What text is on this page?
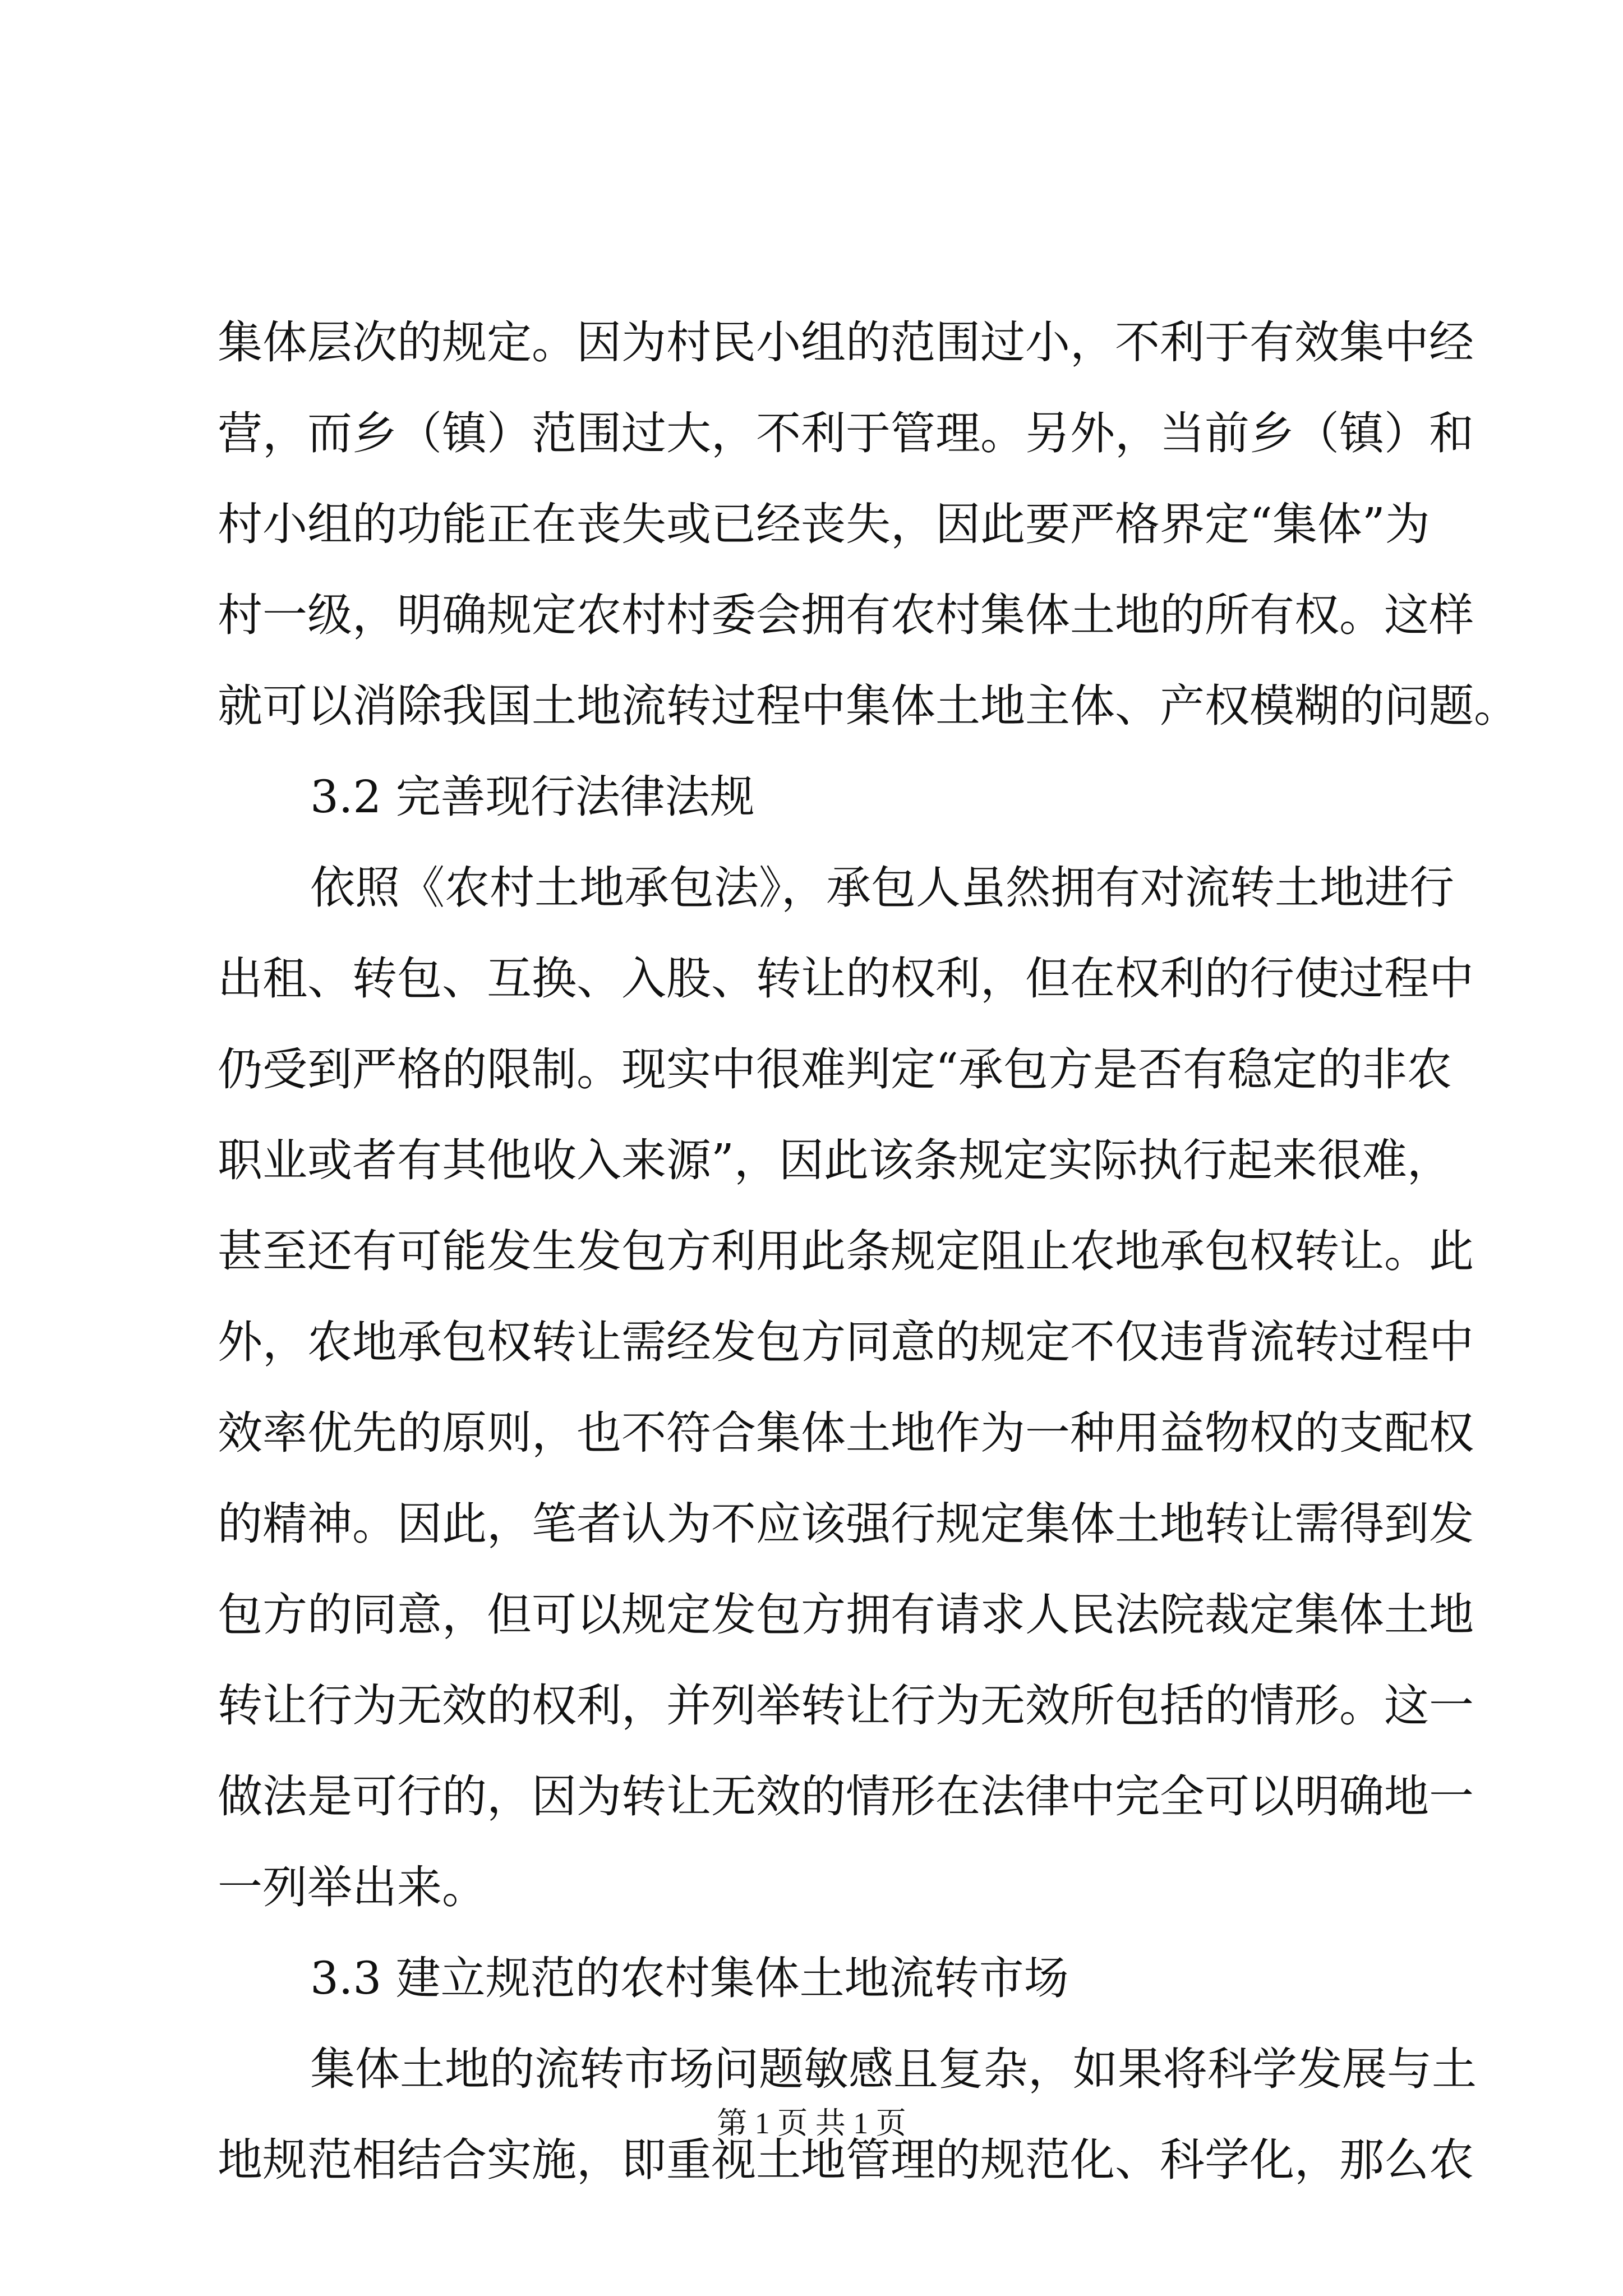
集体层次的规定。因为村民小组的范围过小，不利于有效集中经
营，而乡（镇）范围过大，不利于管理。另外，当前乡（镇）和
村小组的功能正在丧失或已经丧失，因此要严格界定“集体”为
村一级，明确规定农村村委会拥有农村集体土地的所有权。这样
就可以消除我国土地流转过程中集体土地主体、产权模糊的问题。
3.2 完善现行法律法规
依照《农村土地承包法》，承包人虽然拥有对流转土地进行
出租、转包、互换、入股、转让的权利，但在权利的行使过程中
仍受到严格的限制。现实中很难判定“承包方是否有稳定的非农
职业或者有其他收入来源”，因此该条规定实际执行起来很难，
甚至还有可能发生发包方利用此条规定阻止农地承包权转让。此
外，农地承包权转让需经发包方同意的规定不仅违背流转过程中
效率优先的原则，也不符合集体土地作为一种用益物权的支配权
的精神。因此，笔者认为不应该强行规定集体土地转让需得到发
包方的同意，但可以规定发包方拥有请求人民法院裁定集体土地
转让行为无效的权利，并列举转让行为无效所包括的情形。这一
做法是可行的，因为转让无效的情形在法律中完全可以明确地一
一列举出来。
3.3 建立规范的农村集体土地流转市场
集体土地的流转市场问题敏感且复杂，如果将科学发展与土
地规范相结合实施，即重视土地管理的规范化、科学化，那么农
第 1 页 共 1 页
